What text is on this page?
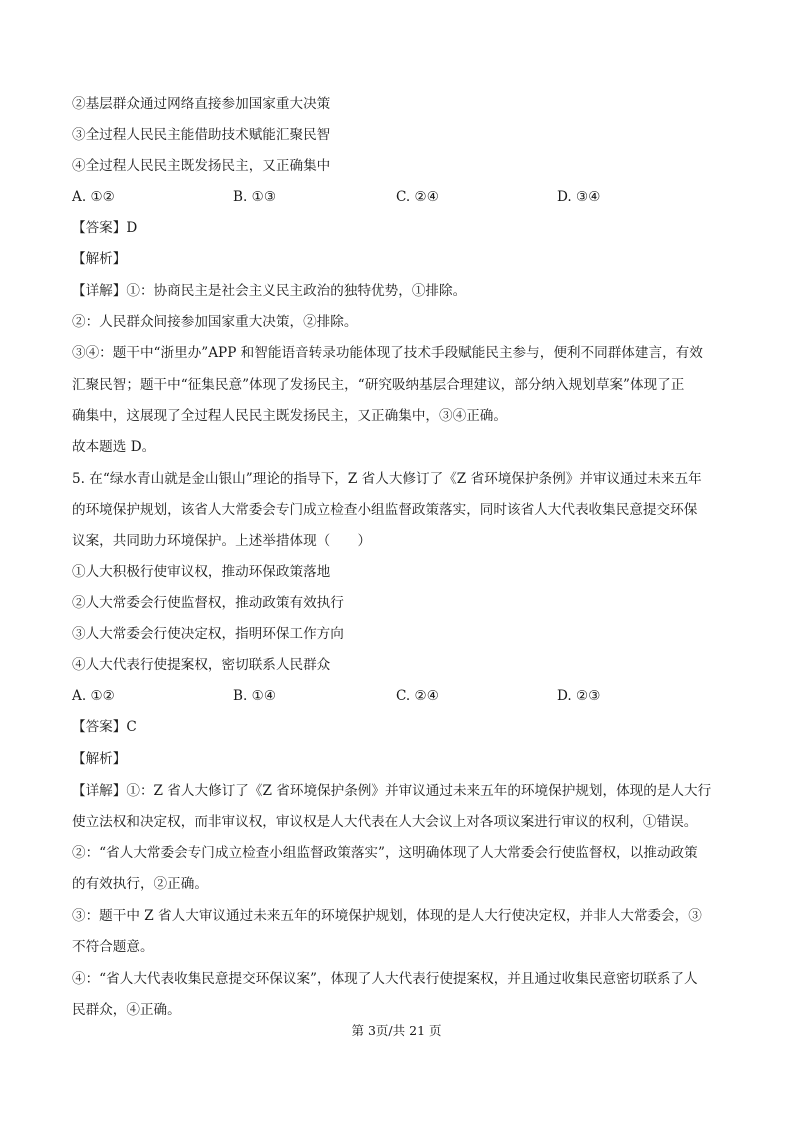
②基层群众通过网络直接参加国家重大决策
③全过程人民民主能借助技术赋能汇聚民智
④全过程人民民主既发扬民主，又正确集中
A. ①②	B. ①③	C. ②④	D. ③④
【答案】D
【解析】
【详解】①：协商民主是社会主义民主政治的独特优势，①排除。
②：人民群众间接参加国家重大决策，②排除。
③④：题干中“浙里办”APP 和智能语音转录功能体现了技术手段赋能民主参与，便利不同群体建言，有效
汇聚民智；题干中“征集民意”体现了发扬民主，“研究吸纳基层合理建议，部分纳入规划草案”体现了正
确集中，这展现了全过程人民民主既发扬民主，又正确集中，③④正确。
故本题选 D。
5. 在“绿水青山就是金山银山”理论的指导下，Z 省人大修订了《Z 省环境保护条例》并审议通过未来五年
的环境保护规划，该省人大常委会专门成立检查小组监督政策落实，同时该省人大代表收集民意提交环保
议案，共同助力环境保护。上述举措体现（　　）
①人大积极行使审议权，推动环保政策落地
②人大常委会行使监督权，推动政策有效执行
③人大常委会行使决定权，指明环保工作方向
④人大代表行使提案权，密切联系人民群众
A. ①②	B. ①④	C. ②④	D. ②③
【答案】C
【解析】
【详解】①：Z 省人大修订了《Z 省环境保护条例》并审议通过未来五年的环境保护规划，体现的是人大行
使立法权和决定权，而非审议权，审议权是人大代表在人大会议上对各项议案进行审议的权利，①错误。
②：“省人大常委会专门成立检查小组监督政策落实”，这明确体现了人大常委会行使监督权，以推动政策
的有效执行，②正确。
③：题干中 Z 省人大审议通过未来五年的环境保护规划，体现的是人大行使决定权，并非人大常委会，③
不符合题意。
④：“省人大代表收集民意提交环保议案”，体现了人大代表行使提案权，并且通过收集民意密切联系了人
民群众，④正确。
第 3页/共 21 页
